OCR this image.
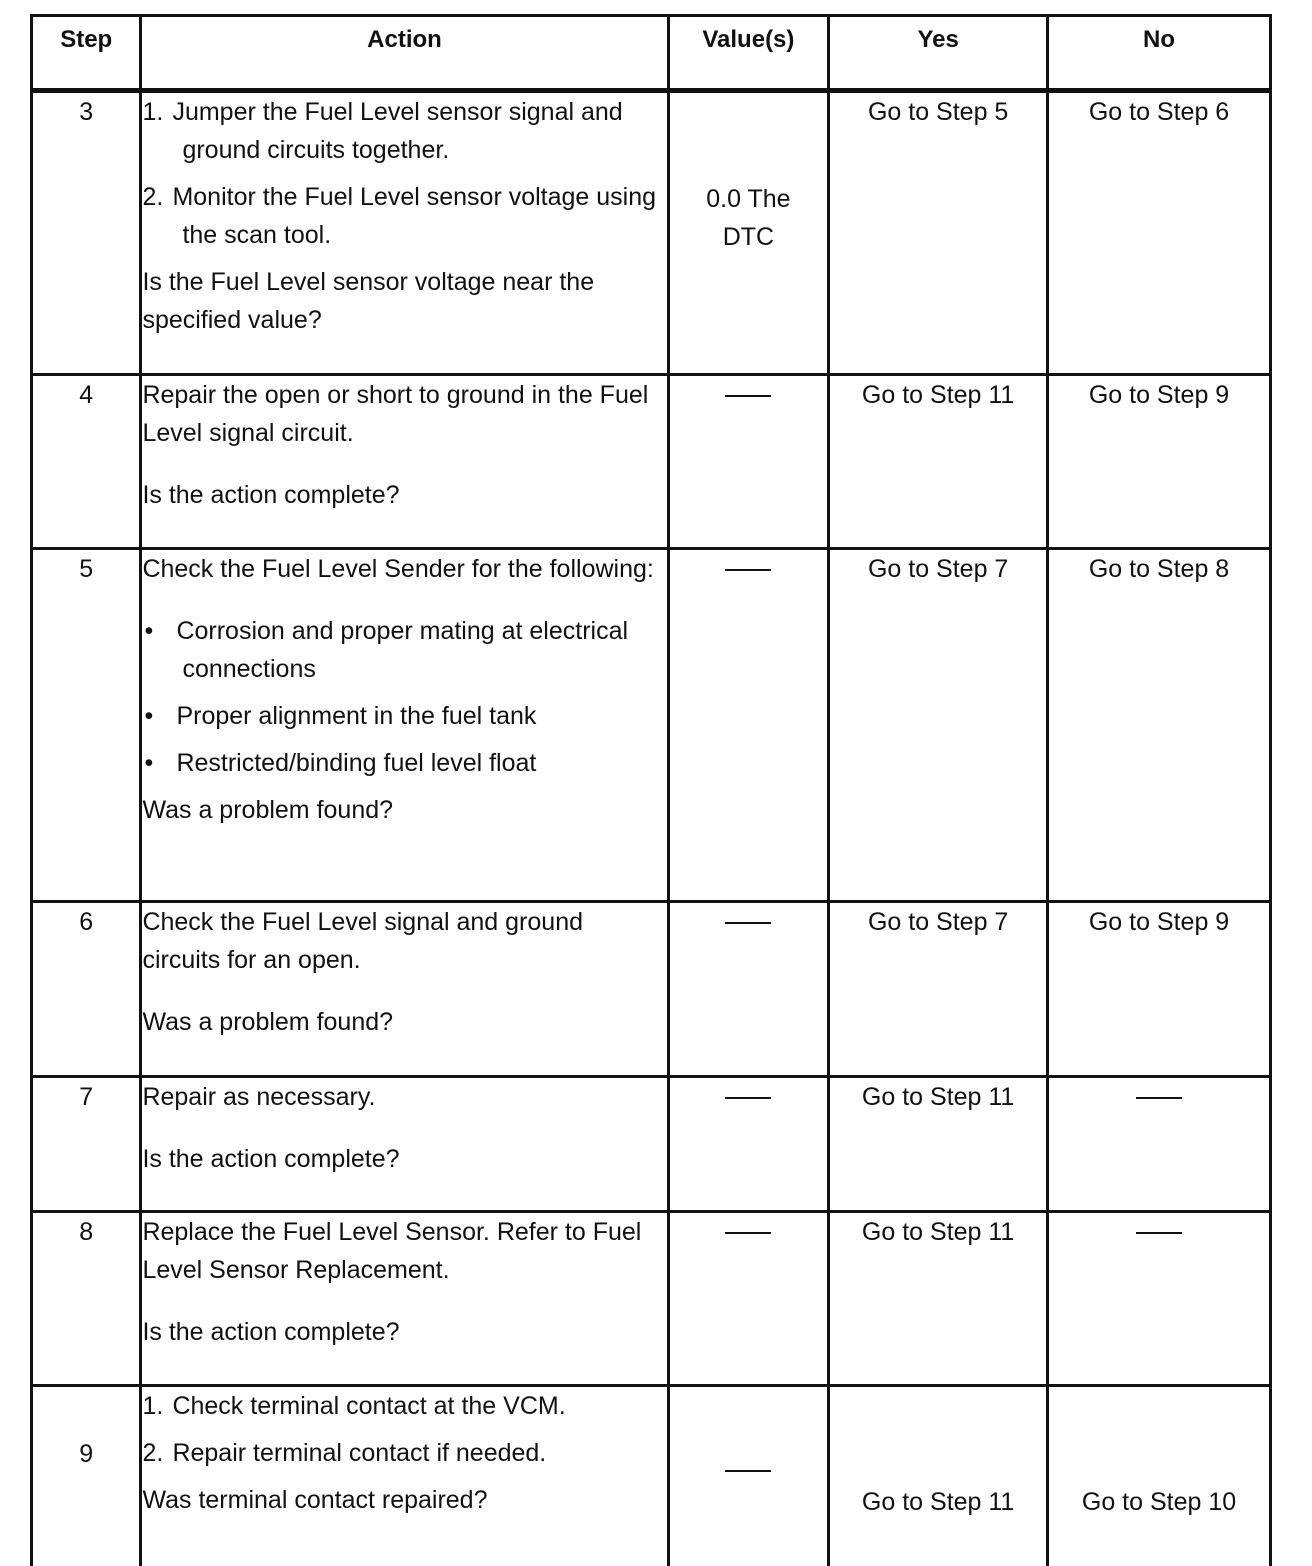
Step	Action	Value(s)	Yes	No
3	1. Jumper the Fuel Level sensor signal and ground circuits together.
2. Monitor the Fuel Level sensor voltage using the scan tool.
Is the Fuel Level sensor voltage near the specified value?	0.0 The DTC	Go to Step 5	Go to Step 6
4	Repair the open or short to ground in the Fuel Level signal circuit.
Is the action complete?		Go to Step 11	Go to Step 9
5	Check the Fuel Level Sender for the following:
• Corrosion and proper mating at electrical connections
• Proper alignment in the fuel tank
• Restricted/binding fuel level float
Was a problem found?		Go to Step 7	Go to Step 8
6	Check the Fuel Level signal and ground circuits for an open.
Was a problem found?		Go to Step 7	Go to Step 9
7	Repair as necessary.
Is the action complete?		Go to Step 11	
8	Replace the Fuel Level Sensor. Refer to Fuel Level Sensor Replacement.
Is the action complete?		Go to Step 11	
9	1. Check terminal contact at the VCM.
2. Repair terminal contact if needed.
Was terminal contact repaired?		Go to Step 11	Go to Step 10
